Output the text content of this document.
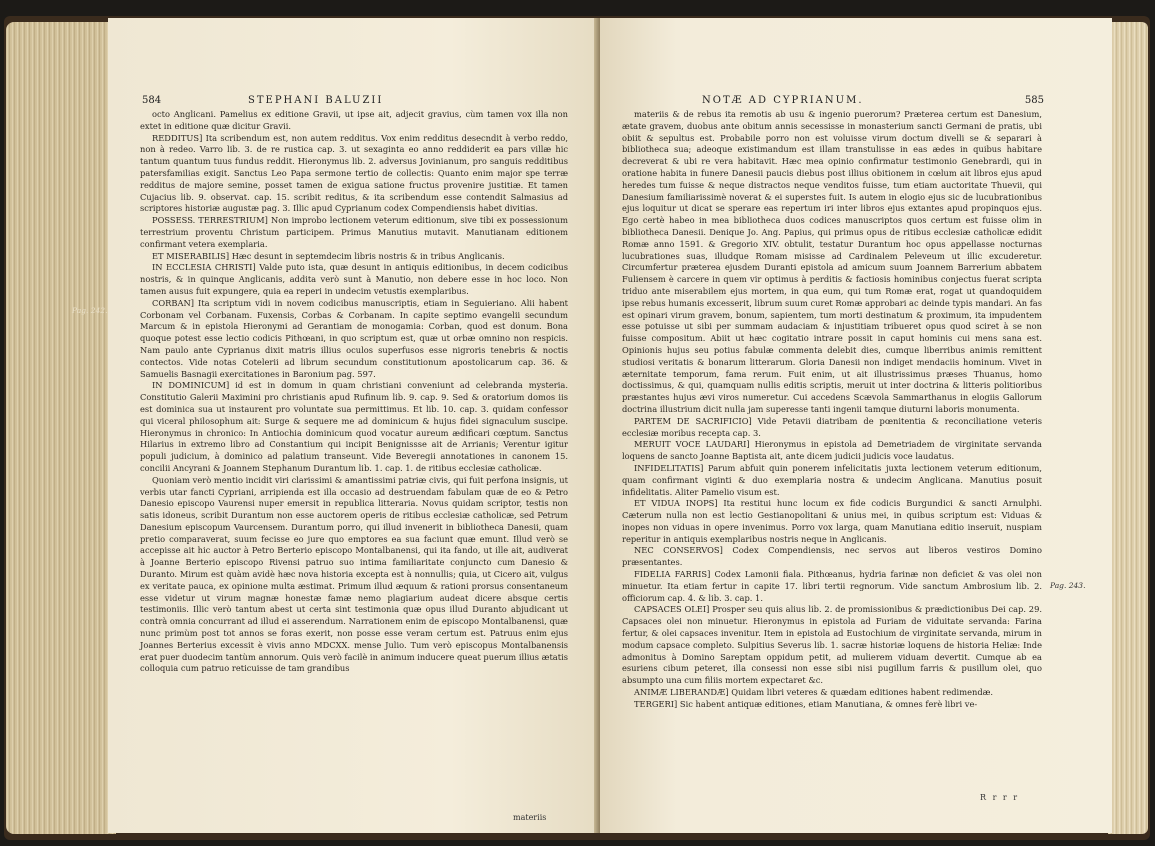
584	STEPHANI BALUZII

octo Anglicani. Pamelius ex editione Gravii, ut ipse ait, adjecit gravius, cùm tamen vox illa non extet in editione quæ dicitur Gravii.

REDDITUS] Ita scribendum est, non autem redditus. Vox enim redditus desecndit à verbo reddo, non à redeo. Varro lib. 3. de re rustica cap. 3. ut sexaginta eo anno reddiderit ea pars villæ hic tantum quantum tuus fundus reddit. Hieronymus lib. 2. adversus Jovinianum, pro sanguis redditibus patersfamilias exigit. Sanctus Leo Papa sermone tertio de collectis: Quanto enim major spe terræ redditus de majore semine, posset tamen de exigua satione fructus provenire justitiæ. Et tamen Cujacius lib. 9. observat. cap. 15. scribit reditus, & ita scribendum esse contendit Salmasius ad scriptores historiæ augustæ pag. 3. Illic apud Cyprianum codex Compendiensis habet divitias.

POSSESS. TERRESTRIUM] Non improbo lectionem veterum editionum, sive tibi ex possessionum terrestrium proventu Christum participem. Primus Manutius mutavit. Manutianam editionem confirmant vetera exemplaria.

ET MISERABILIS] Hæc desunt in septemdecim libris nostris & in tribus Anglicanis.

IN ECCLESIA CHRISTI] Valde puto ista, quæ desunt in antiquis editionibus, in decem codicibus nostris, & in quinque Anglicanis, addita verò sunt à Manutio, non debere esse in hoc loco. Non tamen ausus fuit expungere, quia ea reperi in undecim vetustis exemplaribus.

CORBAN] Ita scriptum vidi in novem codicibus manuscriptis, etiam in Seguieriano. Alii habent Corbonam vel Corbanam. Fuxensis, Corbas & Corbanam. In capite septimo evangelii secundum Marcum & in epistola Hieronymi ad Gerantiam de monogamia: Corban, quod est donum. Bona quoque potest esse lectio codicis Pithœani, in quo scriptum est, quæ ut orbæ omnino non respicis. Nam paulo ante Cyprianus dixit matris illius oculos superfusos esse nigroris tenebris & noctis contectos. Vide notas Cotelerii ad librum secundum constitutionum apostolicarum cap. 36. & Samuelis Basnagii exercitationes in Baronium pag. 597.

IN DOMINICUM] id est in domum in quam christiani conveniunt ad celebranda mysteria. Constitutio Galerii Maximini pro christianis apud Rufinum lib. 9. cap. 9. Sed & oratorium domos iis est dominica sua ut instaurent pro voluntate sua permittimus. Et lib. 10. cap. 3. quidam confessor qui viceral philosophum ait: Surge & sequere me ad dominicum & hujus fidei signaculum suscipe. Hieronymus in chronico: In Antiochia dominicum quod vocatur aureum ædificari cœptum. Sanctus Hilarius in extremo libro ad Constantium qui incipit Benignissse ait de Arrianis; Verentur igitur populi judicium, à dominico ad palatium transeunt. Vide Beveregii annotationes in canonem 15. concilii Ancyrani & Joannem Stephanum Durantum lib. 1. cap. 1. de ritibus ecclesiæ catholicæ.

Quoniam verò mentio incidit viri clarissimi & amantissimi patriæ civis, qui fuit perfona insignis, ut verbis utar fancti Cypriani, arripienda est illa occasio ad destruendam fabulam quæ de eo & Petro Danesio episcopo Vaurensi nuper emersit in republica litteraria. Novus quidam scriptor, testis non satis idoneus, scribit Durantum non esse auctorem operis de ritibus ecclesiæ catholicæ, sed Petrum Danesium episcopum Vaurcensem. Durantum porro, qui illud invenerit in bibliotheca Danesii, quam pretio comparaverat, suum fecisse eo jure quo emptores ea sua faciunt quæ emunt. Illud verò se accepisse ait hic auctor à Petro Berterio episcopo Montalbanensi, qui ita fando, ut ille ait, audiverat à Joanne Berterio episcopo Rivensi patruo suo intima familiaritate conjuncto cum Danesio & Duranto. Mirum est quàm avidè hæc nova historia excepta est à nonnullis; quia, ut Cicero ait, vulgus ex veritate pauca, ex opinione multa æstimat. Primum illud æquum & rationi prorsus consentaneum esse videtur ut virum magnæ honestæ famæ nemo plagiarium audeat dicere absque certis testimoniis. Illic verò tantum abest ut certa sint testimonia quæ opus illud Duranto abjudicant ut contrà omnia concurrant ad illud ei asserendum. Narrationem enim de episcopo Montalbanensi, quæ nunc primùm post tot annos se foras exerit, non posse esse veram certum est. Patruus enim ejus Joannes Berterius excessit è vivis anno MDCXX. mense Julio. Tum verò episcopus Montalbanensis erat puer duodecim tantùm annorum. Quis verò facilè in animum inducere queat puerum illius ætatis colloquia cum patruo reticuisse de tam grandibus

materiis
Pag. 242.
NOTÆ AD CYPRIANUM.	585

materiis & de rebus ita remotis ab usu & ingenio puerorum? Præterea certum est Danesium, ætate gravem, duobus ante obitum annis secessisse in monasterium sancti Germani de pratis, ubi obiit & sepultus est. Probabile porro non est voluisse virum doctum divelli se & separari à bibliotheca sua; adeoque existimandum est illam transtulisse in eas ædes in quibus habitare decreverat & ubi re vera habitavit. Hæc mea opinio confirmatur testimonio Genebrardi, qui in oratione habita in funere Danesii paucis diebus post illius obitionem in cœlum ait libros ejus apud heredes tum fuisse & neque distractos neque venditos fuisse, tum etiam auctoritate Thuevii, qui Danesium familiarissimè noverat & ei superstes fuit. Is autem in elogio ejus sic de lucubrationibus ejus loquitur ut dicat se sperare eas repertum iri inter libros ejus extantes apud propinquos ejus. Ego certè habeo in mea bibliotheca duos codices manuscriptos quos certum est fuisse olim in bibliotheca Danesii. Denique Jo. Ang. Papius, qui primus opus de ritibus ecclesiæ catholicæ edidit Romæ anno 1591. & Gregorio XIV. obtulit, testatur Durantum hoc opus appellasse nocturnas lucubrationes suas, illudque Romam misisse ad Cardinalem Peleveum ut illic excuderetur. Circumfertur præterea ejusdem Duranti epistola ad amicum suum Joannem Barrerium abbatem Fuliensem è carcere in quem vir optimus à perditis & factiosis hominibus conjectus fuerat scripta triduo ante miserabilem ejus mortem, in qua eum, qui tum Romæ erat, rogat ut quandoquidem ipse rebus humanis excesserit, librum suum curet Romæ approbari ac deinde typis mandari. An fas est opinari virum gravem, bonum, sapientem, tum morti destinatum & proximum, ita impudentem esse potuisse ut sibi per summam audaciam & injustitiam tribueret opus quod sciret à se non fuisse compositum. Abiit ut hæc cogitatio intrare possit in caput hominis cui mens sana est. Opinionis hujus seu potius fabulæ commenta delebit dies, cumque liberribus animis remittent studiosi veritatis & bonarum litterarum. Gloria Danesii non indiget mendaciis hominum. Vivet in æternitate temporum, fama rerum. Fuit enim, ut ait illustrissimus præses Thuanus, homo doctissimus, & qui, quamquam nullis editis scriptis, meruit ut inter doctrina & litteris politioribus præstantes hujus ævi viros numeretur. Cui accedens Scævola Sammarthanus in elogiis Gallorum doctrina illustrium dicit nulla jam superesse tanti ingenii tamque diuturni laboris monumenta.

PARTEM DE SACRIFICIO] Vide Petavii diatribam de pœnitentia & reconciliatione veteris ecclesiæ moribus recepta cap. 3.

MERUIT VOCE LAUDARI] Hieronymus in epistola ad Demetriadem de virginitate servanda loquens de sancto Joanne Baptista ait, ante dicem judicii judicis voce laudatus.

INFIDELITATIS] Parum abfuit quin ponerem infelicitatis juxta lectionem veterum editionum, quam confirmant viginti & duo exemplaria nostra & undecim Anglicana. Manutius posuit infidelitatis. Aliter Pamelio visum est.

ET VIDUA INOPS] Ita restitui hunc locum ex fide codicis Burgundici & sancti Arnulphi. Cæterum nulla non est lectio Gestianopolitani & unius mei, in quibus scriptum est: Viduas & inopes non viduas in opere invenimus. Porro vox larga, quam Manutiana editio inseruit, nuspiam reperitur in antiquis exemplaribus nostris neque in Anglicanis.

NEC CONSERVOS] Codex Compendiensis, nec servos aut liberos vestiros Domino præsentantes.

FIDELIA FARRIS] Codex Lamonii fiala. Pithœanus, hydria farinæ non deficiet & vas olei non minuetur. Ita etiam fertur in capite 17. libri tertii regnorum. Vide sanctum Ambrosium lib. 2. officiorum cap. 4. & lib. 3. cap. 1.

CAPSACES OLEI] Prosper seu quis alius lib. 2. de promissionibus & prædictionibus Dei cap. 29. Capsaces olei non minuetur. Hieronymus in epistola ad Furiam de viduitate servanda: Farina fertur, & olei capsaces invenitur. Item in epistola ad Eustochium de virginitate servanda, mirum in modum capsace completo. Sulpitius Severus lib. 1. sacræ historiæ loquens de historia Heliæ: Inde admonitus à Domino Sareptam oppidum petit, ad mulierem viduam devertit. Cumque ab ea esuriens cibum peteret, illa consessi non esse sibi nisi pugillum farris & pusillum olei, quo absumpto una cum filiis mortem expectaret &c.

ANIMÆ LIBERANDÆ] Quidam libri veteres & quædam editiones habent redimendæ.

TERGERI] Sic habent antiquæ editiones, etiam Manutiana, & omnes ferè libri ve-

R r r r
Pag. 243.
